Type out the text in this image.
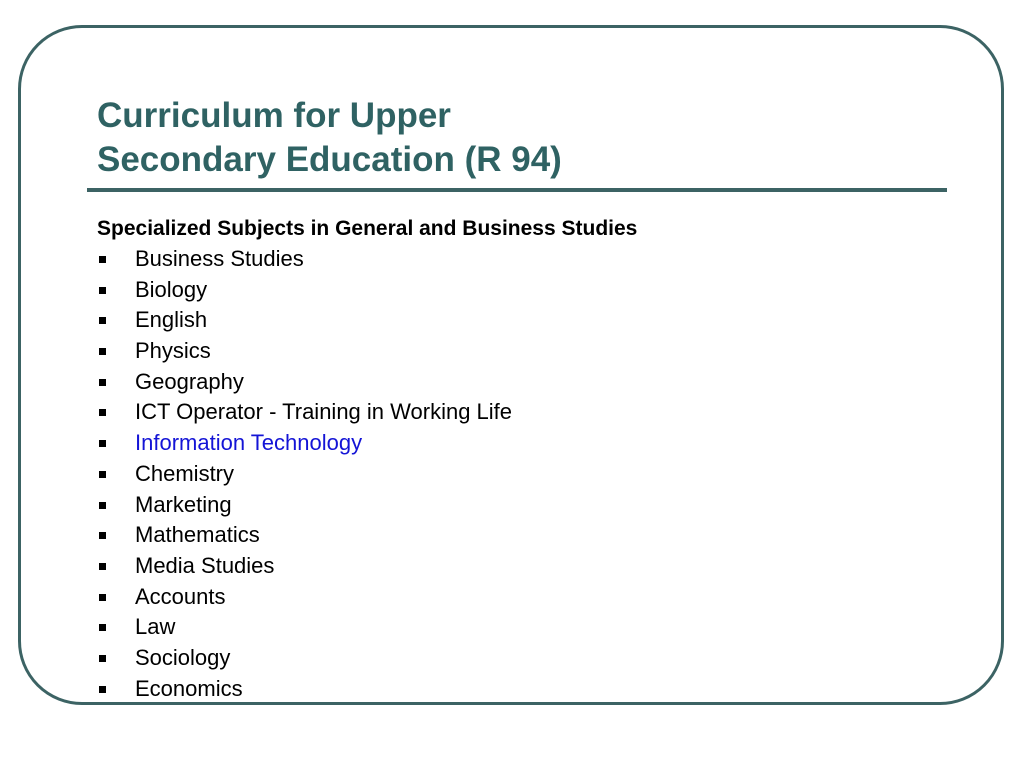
Curriculum for Upper
Secondary Education (R 94)

Specialized Subjects in General and Business Studies

Business Studies
Biology
English
Physics
Geography
ICT Operator - Training in Working Life
Information Technology
Chemistry
Marketing
Mathematics
Media Studies
Accounts
Law
Sociology
Economics
